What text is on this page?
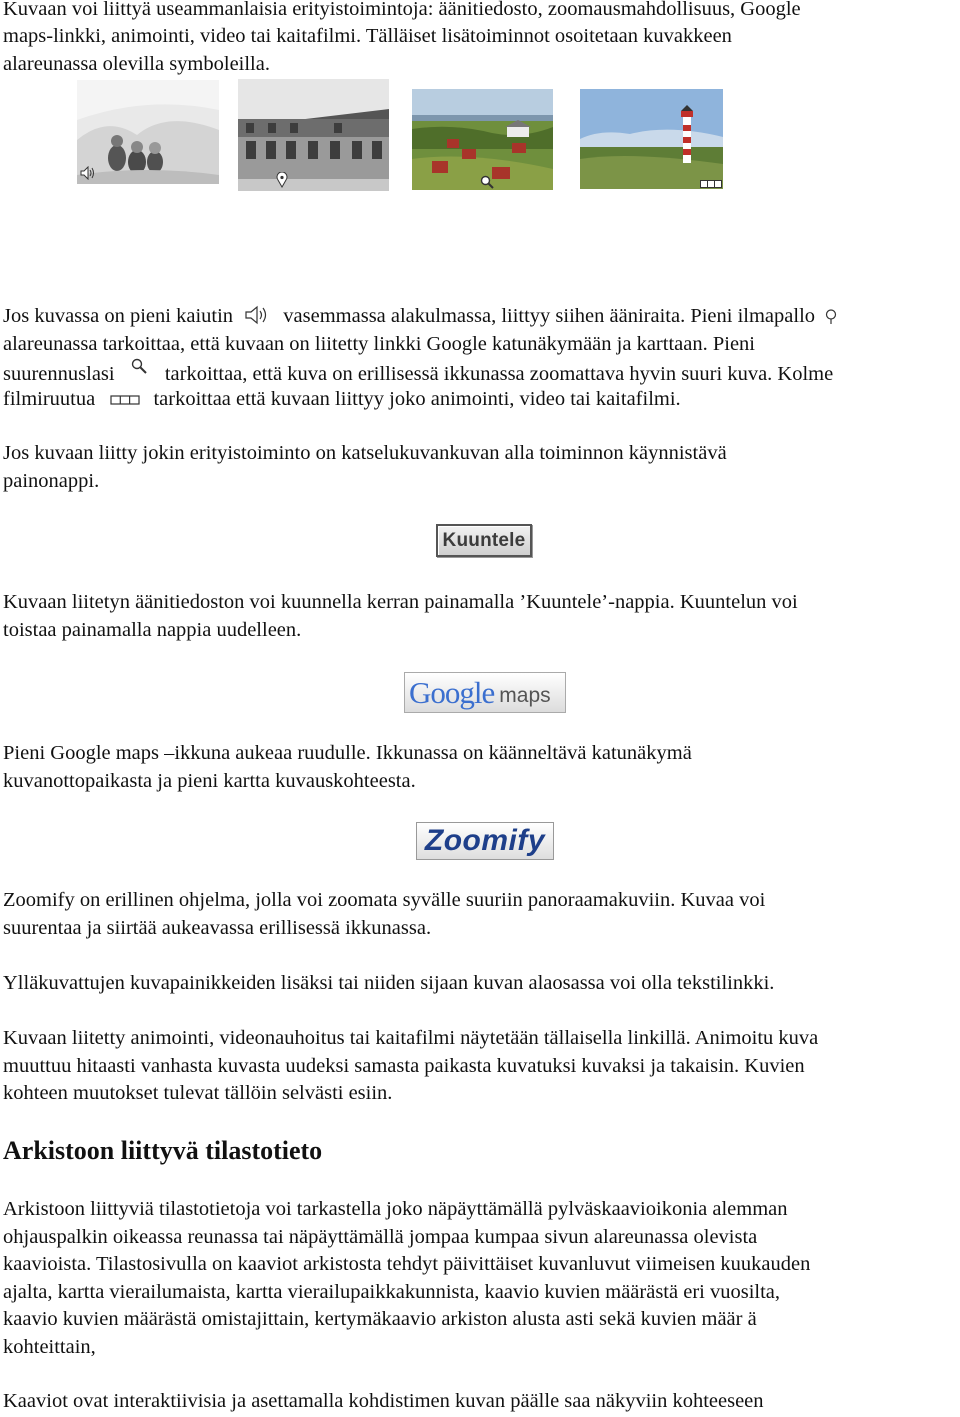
Kuvaan voi liittyä useammanlaisia erityistoimintoja: äänitiedosto, zoomausmahdollisuus, Google

maps-linkki, animointi, video tai kaitafilmi. Tälläiset lisätoiminnot osoitetaan kuvakkeen

alareunassa olevilla symboleilla.

Jos kuvassa on pieni kaiutin vasemmassa alakulmassa, liittyy siihen ääniraita. Pieni ilmapallo

alareunassa tarkoittaa, että kuvaan on liitetty linkki Google katunäkymään ja karttaan. Pieni

suurennuslasi tarkoittaa, että kuva on erillisessä ikkunassa zoomattava hyvin suuri kuva. Kolme
filmiruutua	tarkoittaa että kuvaan liittyy joko animointi, video tai kaitafilmi.

Jos kuvaan liitty jokin erityistoiminto on katselukuvankuvan alla toiminnon käynnistävä

painonappi.

Kuuntele

Kuvaan liitetyn äänitiedoston voi kuunnella kerran painamalla ’Kuuntele’-nappia. Kuuntelun voi

toistaa painamalla nappia uudelleen.

Google maps

Pieni Google maps –ikkuna aukeaa ruudulle. Ikkunassa on käänneltävä katunäkymä

kuvanottopaikasta ja pieni kartta kuvauskohteesta.

Zoomify

Zoomify on erillinen ohjelma, jolla voi zoomata syvälle suuriin panoraamakuviin. Kuvaa voi

suurentaa ja siirtää aukeavassa erillisessä ikkunassa.

Ylläkuvattujen kuvapainikkeiden lisäksi tai niiden sijaan kuvan alaosassa voi olla tekstilinkki.

Kuvaan liitetty animointi, videonauhoitus tai kaitafilmi näytetään tällaisella linkillä. Animoitu kuva

muuttuu hitaasti vanhasta kuvasta uudeksi samasta paikasta kuvatuksi kuvaksi ja takaisin. Kuvien

kohteen muutokset tulevat tällöin selvästi esiin.

Arkistoon liittyvä tilastotieto

Arkistoon liittyviä tilastotietoja voi tarkastella joko näpäyttämällä pylväskaavioikonia alemman

ohjauspalkin oikeassa reunassa tai näpäyttämällä jompaa kumpaa sivun alareunassa olevista

kaavioista. Tilastosivulla on kaaviot arkistosta tehdyt päivittäiset kuvanluvut viimeisen kuukauden

ajalta, kartta vierailumaista, kartta vierailupaikkakunnista, kaavio kuvien määrästä eri vuosilta,

kaavio kuvien määrästä omistajittain, kertymäkaavio arkiston alusta asti sekä kuvien määr ä

kohteittain,

Kaaviot ovat interaktiivisia ja asettamalla kohdistimen kuvan päälle saa näkyviin kohteeseen
